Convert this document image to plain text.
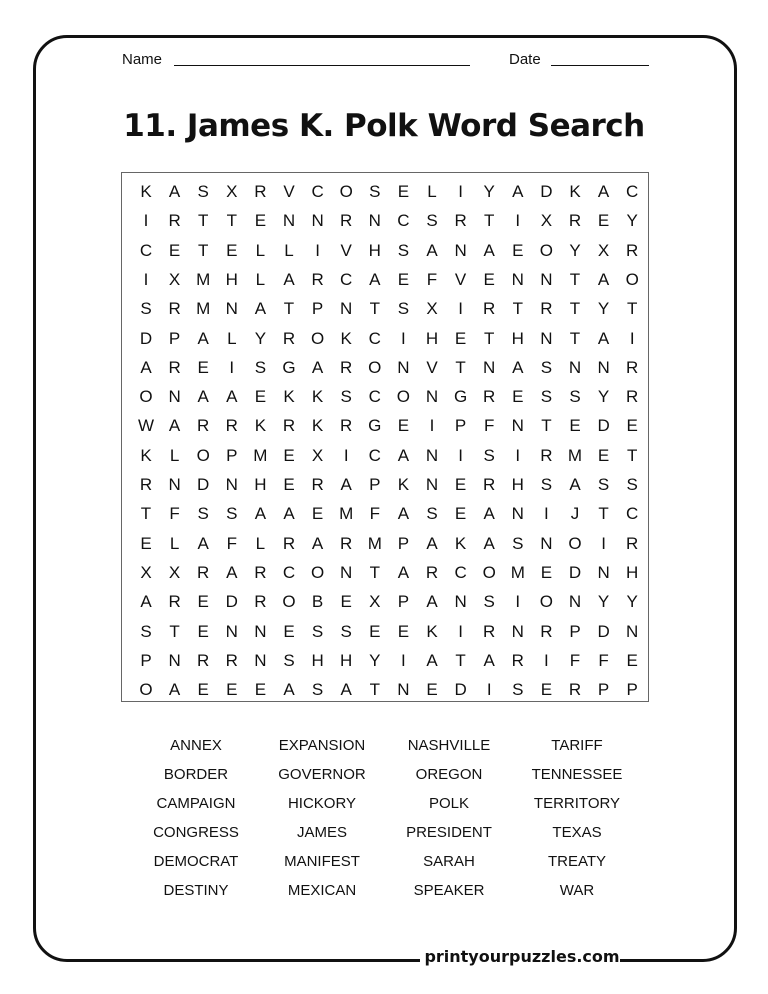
printyourpuzzles.com
Name	Date
11. James K. Polk Word Search
K	A	S	X R V C O S	E	L	I	Y	A D K	A C
I	R	T	T	E N N R N C S R	T	I	X R E	Y
C E	T	E	L	L	I	V H S	A N A	E O Y	X R
I	X M H	L	A R C A	E	F	V	E N N	T	A O
S R M N A	T	P N	T	S	X	I	R	T	R	T	Y	T
D P	A	L	Y R O K C	I	H E	T	H N	T	A	I
A R E	I	S G A R O N V	T	N A	S N N R
O N A	A	E	K	K	S C O N G R E	S	S	Y R
W A R R K R K R G E	I	P	F	N	T	E D E
K	L	O P M E	X	I	C A N	I	S	I	R M E	T
R N D N H E R A	P	K N E R H S	A	S	S
T	F	S	S	A	A	E M F	A	S	E	A N	I	J	T	C
E	L	A	F	L	R A R M P	A	K	A	S N O	I	R
X	X R A R C O N	T	A R C O M E D N H
A R E D R O B	E	X	P	A N S	I	O N Y	Y
S	T	E N N E	S	S	E	E	K	I	R N R P D N
P N R R N S H H Y	I	A	T	A R	I	F	F	E
O A	E	E	E	A	S	A	T	N E D	I	S	E R P	P
ANNEX	EXPANSION	NASHVILLE	TARIFF
BORDER	GOVERNOR	OREGON	TENNESSEE
CAMPAIGN	HICKORY	POLK	TERRITORY
CONGRESS	JAMES	PRESIDENT	TEXAS
DEMOCRAT	MANIFEST	SARAH	TREATY
DESTINY	MEXICAN	SPEAKER	WAR
